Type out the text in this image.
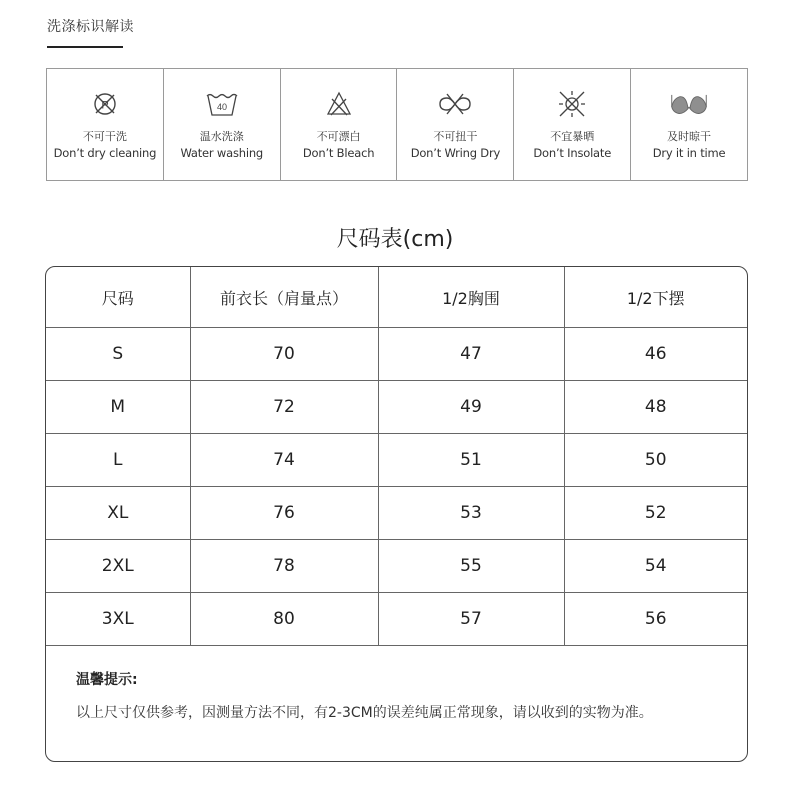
洗涤标识解读
P
不可干洗
Don’t dry cleaning
40
温水洗涤
Water washing
不可漂白
Don’t Bleach
不可扭干
Don’t Wring Dry
不宜暴晒
Don’t Insolate
及时晾干
Dry it in time
尺码表(cm)
尺码	前衣长（肩量点）	1/2胸围	1/2下摆
S	70	47	46
M	72	49	48
L	74	51	50
XL	76	53	52
2XL	78	55	54
3XL	80	57	56
温馨提示:
以上尺寸仅供参考，因测量方法不同，有2-3CM的误差纯属正常现象，请以收到的实物为准。
